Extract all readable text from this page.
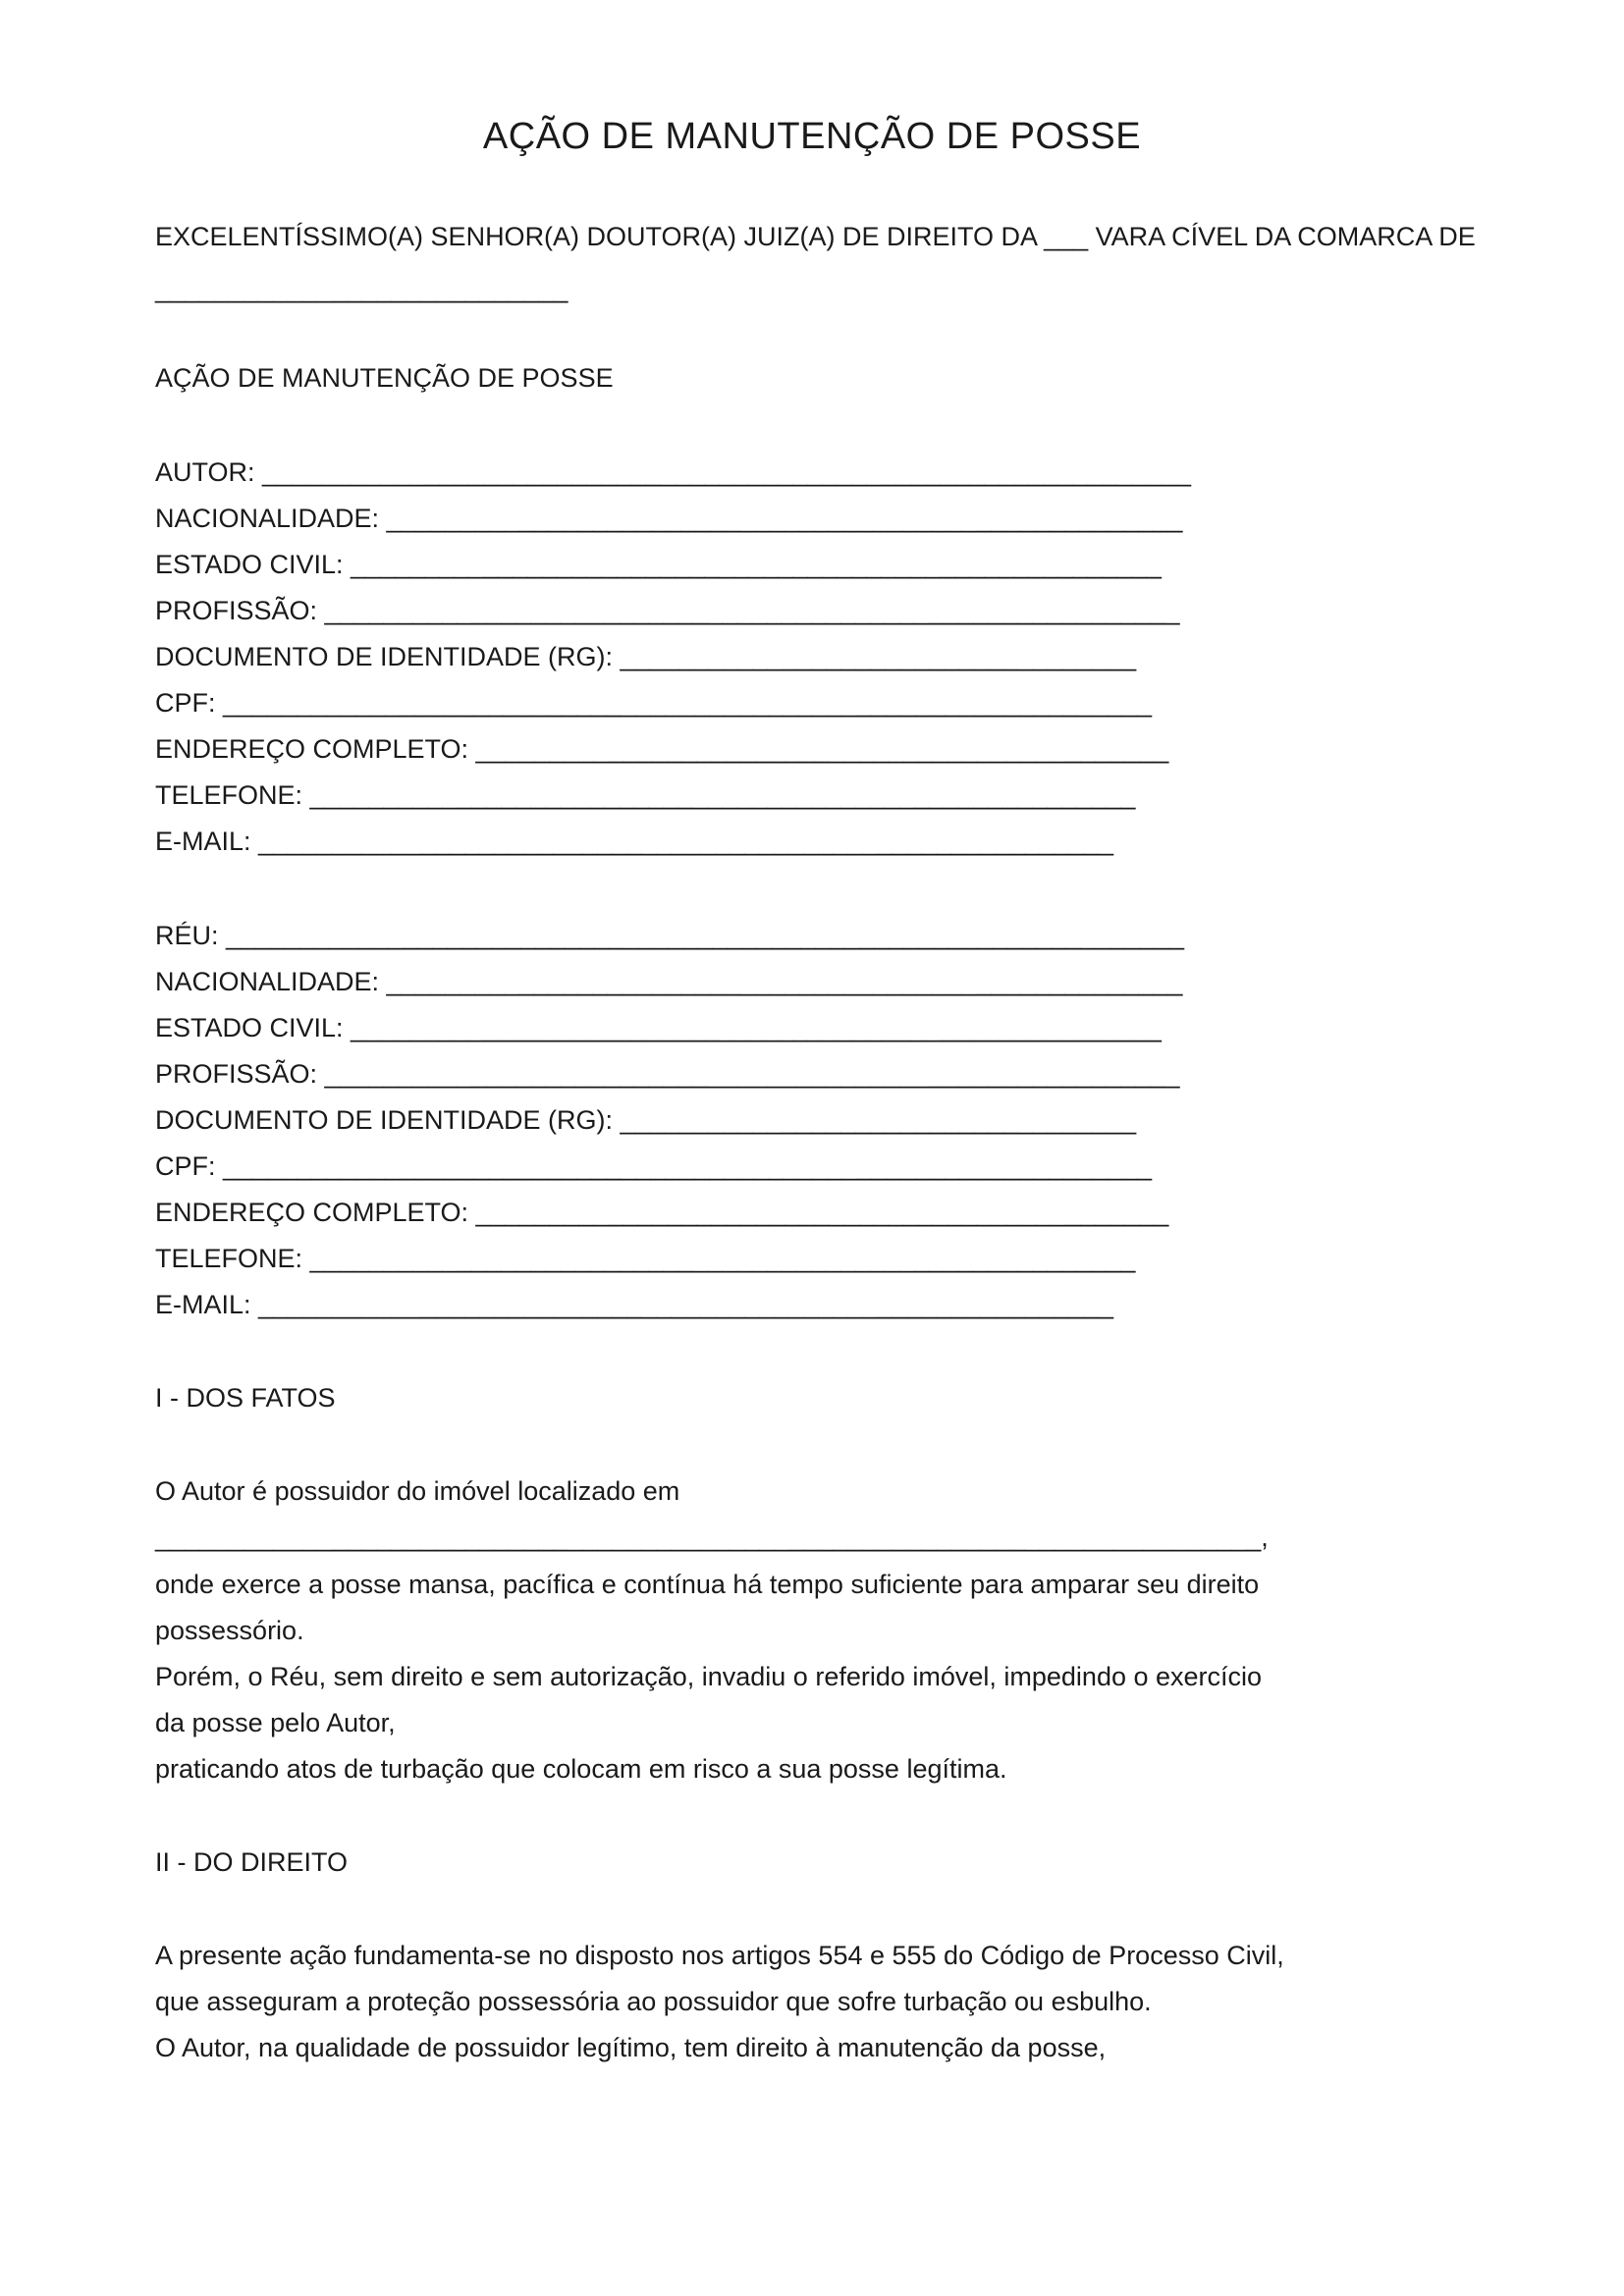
AÇÃO DE MANUTENÇÃO DE POSSE

EXCELENTÍSSIMO(A) SENHOR(A) DOUTOR(A) JUIZ(A) DE DIREITO DA ___ VARA CÍVEL DA COMARCA DE

____________________________

AÇÃO DE MANUTENÇÃO DE POSSE

AUTOR: _______________________________________________________________

NACIONALIDADE: ______________________________________________________

ESTADO CIVIL: _______________________________________________________

PROFISSÃO: __________________________________________________________

DOCUMENTO DE IDENTIDADE (RG): ___________________________________

CPF: _______________________________________________________________

ENDEREÇO COMPLETO: _______________________________________________

TELEFONE: ________________________________________________________

E-MAIL: __________________________________________________________

RÉU: _________________________________________________________________

NACIONALIDADE: ______________________________________________________

ESTADO CIVIL: _______________________________________________________

PROFISSÃO: __________________________________________________________

DOCUMENTO DE IDENTIDADE (RG): ___________________________________

CPF: _______________________________________________________________

ENDEREÇO COMPLETO: _______________________________________________

TELEFONE: ________________________________________________________

E-MAIL: __________________________________________________________

I - DOS FATOS

O Autor é possuidor do imóvel localizado em

___________________________________________________________________________,

onde exerce a posse mansa, pacífica e contínua há tempo suficiente para amparar seu direito

possessório.

Porém, o Réu, sem direito e sem autorização, invadiu o referido imóvel, impedindo o exercício

da posse pelo Autor,

praticando atos de turbação que colocam em risco a sua posse legítima.

II - DO DIREITO

A presente ação fundamenta-se no disposto nos artigos 554 e 555 do Código de Processo Civil,

que asseguram a proteção possessória ao possuidor que sofre turbação ou esbulho.

O Autor, na qualidade de possuidor legítimo, tem direito à manutenção da posse,
